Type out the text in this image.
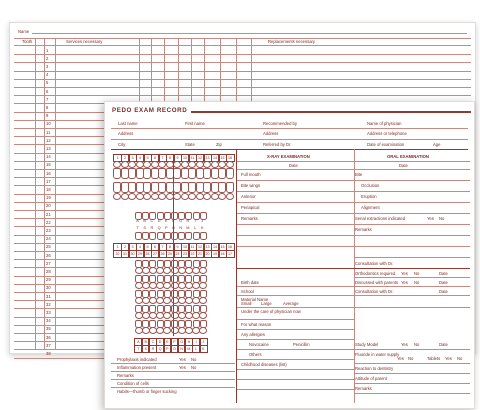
Name
Tooth	Services necessary	Replacements necessary
1
2
3
4
5
6
7
8
9
10
11
12
13
14
15
16
17
18
19
20
21
22
23
24
25
26
27
28
29
30
31
32
33
34
35
36
37
38
PEDO EXAM RECORD
Last name	First name	Recommended by	Name of physician
Address	Address	Address or telephone
City	State	Zip	Referred by Dr.	Date of examination	Age
Prophylaxis indicated	Yes No
Inflammation present	Yes No
Remarks
Condition of cells
Habits—thumb or finger sucking
X-RAY EXAMINATION
Date
Full mouth
Bite wings
Anterior
Periapical
Remarks
ORAL EXAMINATION
Date
Bite
Occlusion
Eruption
Alignment
Serial extractions indicated	Yes No
Remarks
Consultation with Dr.
Orthodontics required Yes No	Date
Birth date	Discussed with parents Yes No	Date
School	Consultation with Dr.	Date
Material Name
Small Large	Average
Under the care of physician now
For what reason
Any allergies
Novocaine	Penicillin
Others
Childhood diseases (list)
Study Model	Yes No	Date
Fluoride in water supply
Yes No	Tablets Yes No
Reaction to dentistry
Attitude of parent
Remarks
1	2	3	4	5	6	7	8	9	10	11	12 13 14 15 16
A	B	C	D	E	F	G	H	I	J
T	S	R	Q	P	O	N	M	L	K
1	2	3	4	5	6	7	8	9	10	11	12 13 14 15 16
32 31 30 29 28 27 26 25 24 23 22 21 20 19 18 17
A	B	C	D	E	F	G	H	I	J
T	S	R	Q	P	O	N	M	L	K
